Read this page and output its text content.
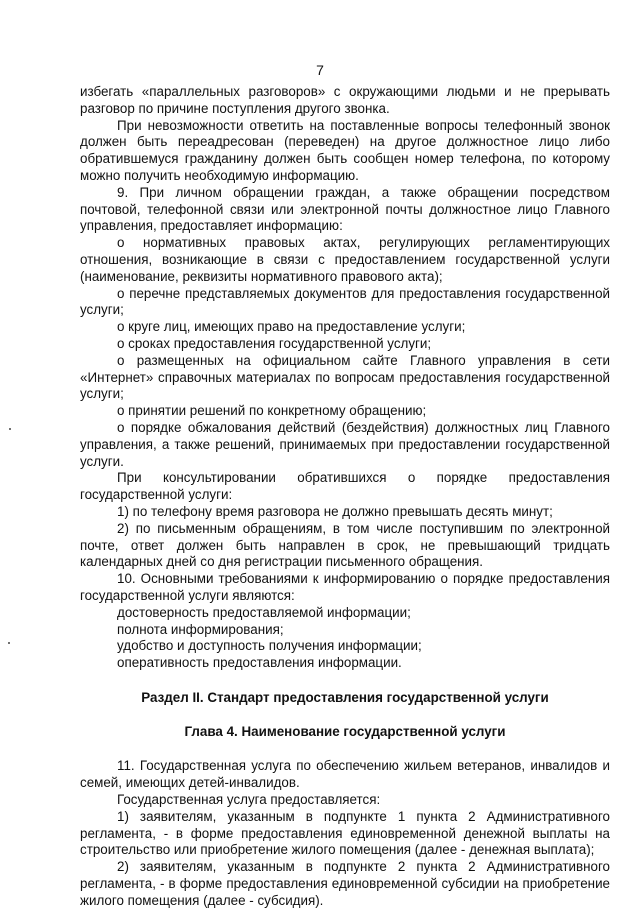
7

избегать «параллельных разговоров» с окружающими людьми и не прерывать разговор по причине поступления другого звонка.

При невозможности ответить на поставленные вопросы телефонный звонок должен быть переадресован (переведен) на другое должностное лицо либо обратившемуся гражданину должен быть сообщен номер телефона, по которому можно получить необходимую информацию.

9. При личном обращении граждан, а также обращении посредством почтовой, телефонной связи или электронной почты должностное лицо Главного управления, предоставляет информацию:

о нормативных правовых актах, регулирующих регламентирующих отношения, возникающие в связи с предоставлением государственной услуги (наименование, реквизиты нормативного правового акта);

о перечне представляемых документов для предоставления государственной услуги;

о круге лиц, имеющих право на предоставление услуги;

о сроках предоставления государственной услуги;

о размещенных на официальном сайте Главного управления в сети «Интернет» справочных материалах по вопросам предоставления государственной услуги;

о принятии решений по конкретному обращению;

о порядке обжалования действий (бездействия) должностных лиц Главного управления, а также решений, принимаемых при предоставлении государственной услуги.

При консультировании обратившихся о порядке предоставления государственной услуги:

1) по телефону время разговора не должно превышать десять минут;

2) по письменным обращениям, в том числе поступившим по электронной почте, ответ должен быть направлен в срок, не превышающий тридцать календарных дней со дня регистрации письменного обращения.

10. Основными требованиями к информированию о порядке предоставления государственной услуги являются:

достоверность предоставляемой информации;

полнота информирования;

удобство и доступность получения информации;

оперативность предоставления информации.

Раздел II. Стандарт предоставления государственной услуги

Глава 4. Наименование государственной услуги

11. Государственная услуга по обеспечению жильем ветеранов, инвалидов и семей, имеющих детей-инвалидов.

Государственная услуга предоставляется:

1) заявителям, указанным в подпункте 1 пункта 2 Административного регламента, - в форме предоставления единовременной денежной выплаты на строительство или приобретение жилого помещения (далее - денежная выплата);

2) заявителям, указанным в подпункте 2 пункта 2 Административного регламента, - в форме предоставления единовременной субсидии на приобретение жилого помещения (далее - субсидия).
